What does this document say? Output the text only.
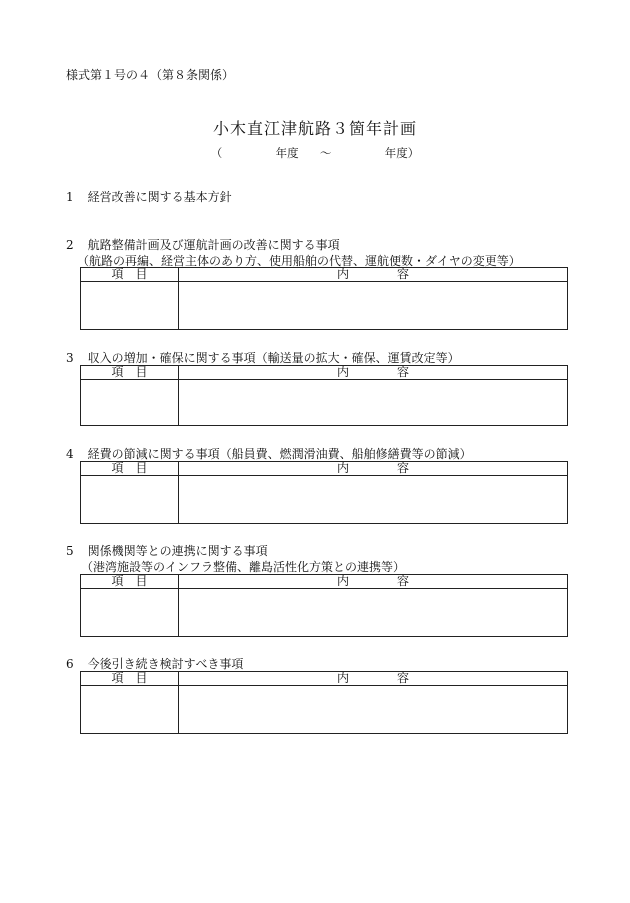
様式第１号の４（第８条関係）
小木直江津航路３箇年計画
（	年度 ～	年度）
1 経営改善に関する基本方針
2 航路整備計画及び運航計画の改善に関する事項
（航路の再編、経営主体のあり方、使用船舶の代替、運航便数・ダイヤの変更等）
項　目	内　　　　容

3 収入の増加・確保に関する事項（輸送量の拡大・確保、運賃改定等）
項　目	内　　　　容

4 経費の節減に関する事項（船員費、燃潤滑油費、船舶修繕費等の節減）
項　目	内　　　　容

5 関係機関等との連携に関する事項
（港湾施設等のインフラ整備、離島活性化方策との連携等）
項　目	内　　　　容

6 今後引き続き検討すべき事項
項　目	内　　　　容
